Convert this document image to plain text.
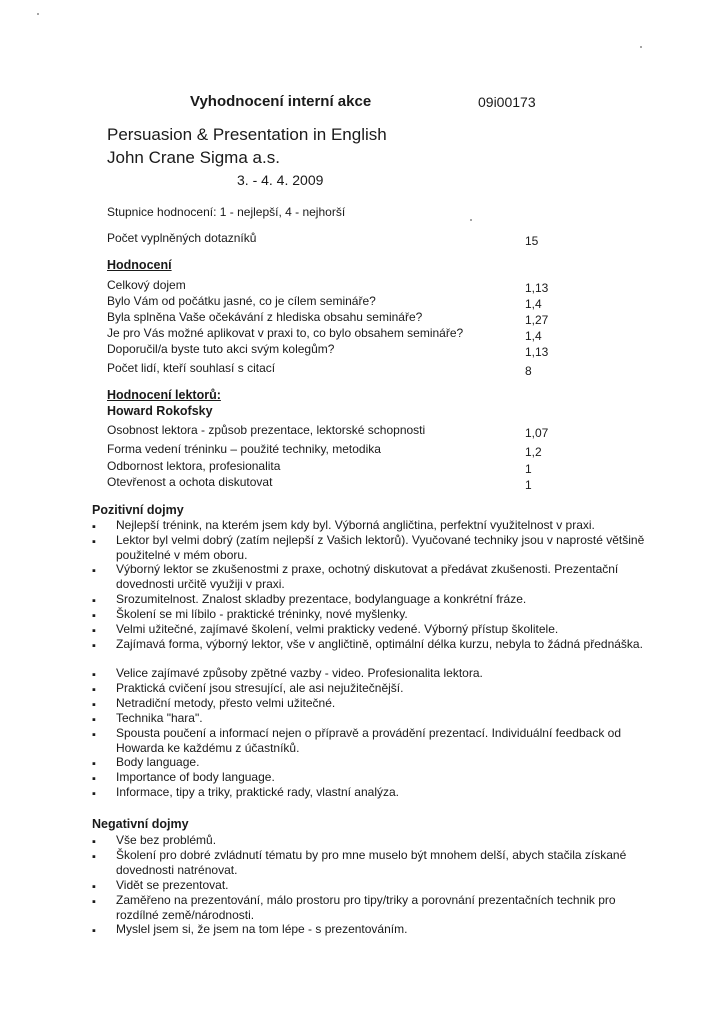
Vyhodnocení interní akce	09i00173
Persuasion & Presentation in English
John Crane Sigma a.s.
3. - 4. 4. 2009
Stupnice hodnocení: 1 - nejlepší, 4 - nejhorší
Počet vyplněných dotazníků	15
Hodnocení
Celkový dojem	1,13
Bylo Vám od počátku jasné, co je cílem semináře?	1,4
Byla splněna Vaše očekávání z hlediska obsahu semináře?	1,27
Je pro Vás možné aplikovat v praxi to, co bylo obsahem semináře?	1,4
Doporučil/a byste tuto akci svým kolegům?	1,13
Počet lidí, kteří souhlasí s citací	8
Hodnocení lektorů:
Howard Rokofsky
Osobnost lektora - způsob prezentace, lektorské schopnosti	1,07
Forma vedení tréninku – použité techniky, metodika	1,2
Odbornost lektora, profesionalita	1
Otevřenost a ochota diskutovat	1
Pozitivní dojmy
▪ Nejlepší trénink, na kterém jsem kdy byl. Výborná angličtina, perfektní využitelnost v praxi.
▪ Lektor byl velmi dobrý (zatím nejlepší z Vašich lektorů). Vyučované techniky jsou v naprosté většině použitelné v mém oboru.
▪ Výborný lektor se zkušenostmi z praxe, ochotný diskutovat a předávat zkušenosti. Prezentační dovednosti určitě využiji v praxi.
▪ Srozumitelnost. Znalost skladby prezentace, bodylanguage a konkrétní fráze.
▪ Školení se mi líbilo - praktické tréninky, nové myšlenky.
▪ Velmi užitečné, zajímavé školení, velmi prakticky vedené. Výborný přístup školitele.
▪ Zajímavá forma, výborný lektor, vše v angličtině, optimální délka kurzu, nebyla to žádná přednáška.
▪ Velice zajímavé způsoby zpětné vazby - video. Profesionalita lektora.
▪ Praktická cvičení jsou stresující, ale asi nejužitečnější.
▪ Netradiční metody, přesto velmi užitečné.
▪ Technika "hara".
▪ Spousta poučení a informací nejen o přípravě a provádění prezentací. Individuální feedback od Howarda ke každému z účastníků.
▪ Body language.
▪ Importance of body language.
▪ Informace, tipy a triky, praktické rady, vlastní analýza.
Negativní dojmy
▪ Vše bez problémů.
▪ Školení pro dobré zvládnutí tématu by pro mne muselo být mnohem delší, abych stačila získané dovednosti natrénovat.
▪ Vidět se prezentovat.
▪ Zaměřeno na prezentování, málo prostoru pro tipy/triky a porovnání prezentačních technik pro rozdílné země/národnosti.
▪ Myslel jsem si, že jsem na tom lépe - s prezentováním.
